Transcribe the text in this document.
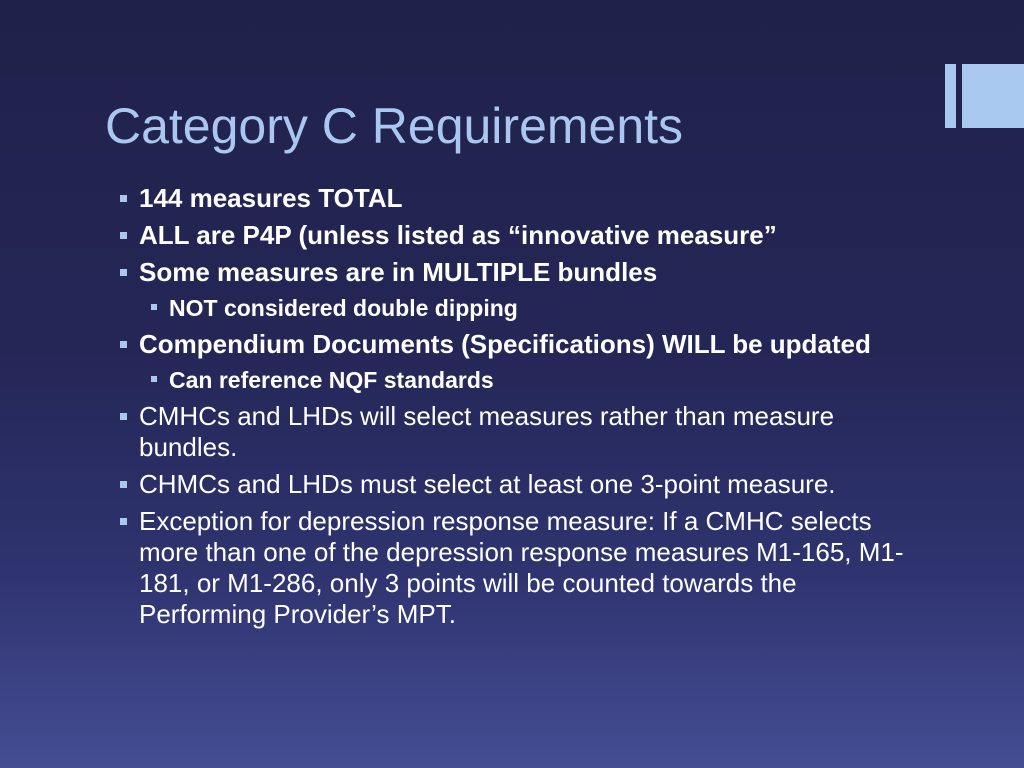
Category C Requirements
144 measures TOTAL
ALL are P4P (unless listed as “innovative measure”
Some measures are in MULTIPLE bundles
NOT considered double dipping
Compendium Documents (Specifications) WILL be updated
Can reference NQF standards
CMHCs and LHDs will select measures rather than measure bundles.
CHMCs and LHDs must select at least one 3-point measure.
Exception for depression response measure: If a CMHC selects more than one of the depression response measures M1-165, M1-181, or M1-286, only 3 points will be counted towards the Performing Provider’s MPT.
